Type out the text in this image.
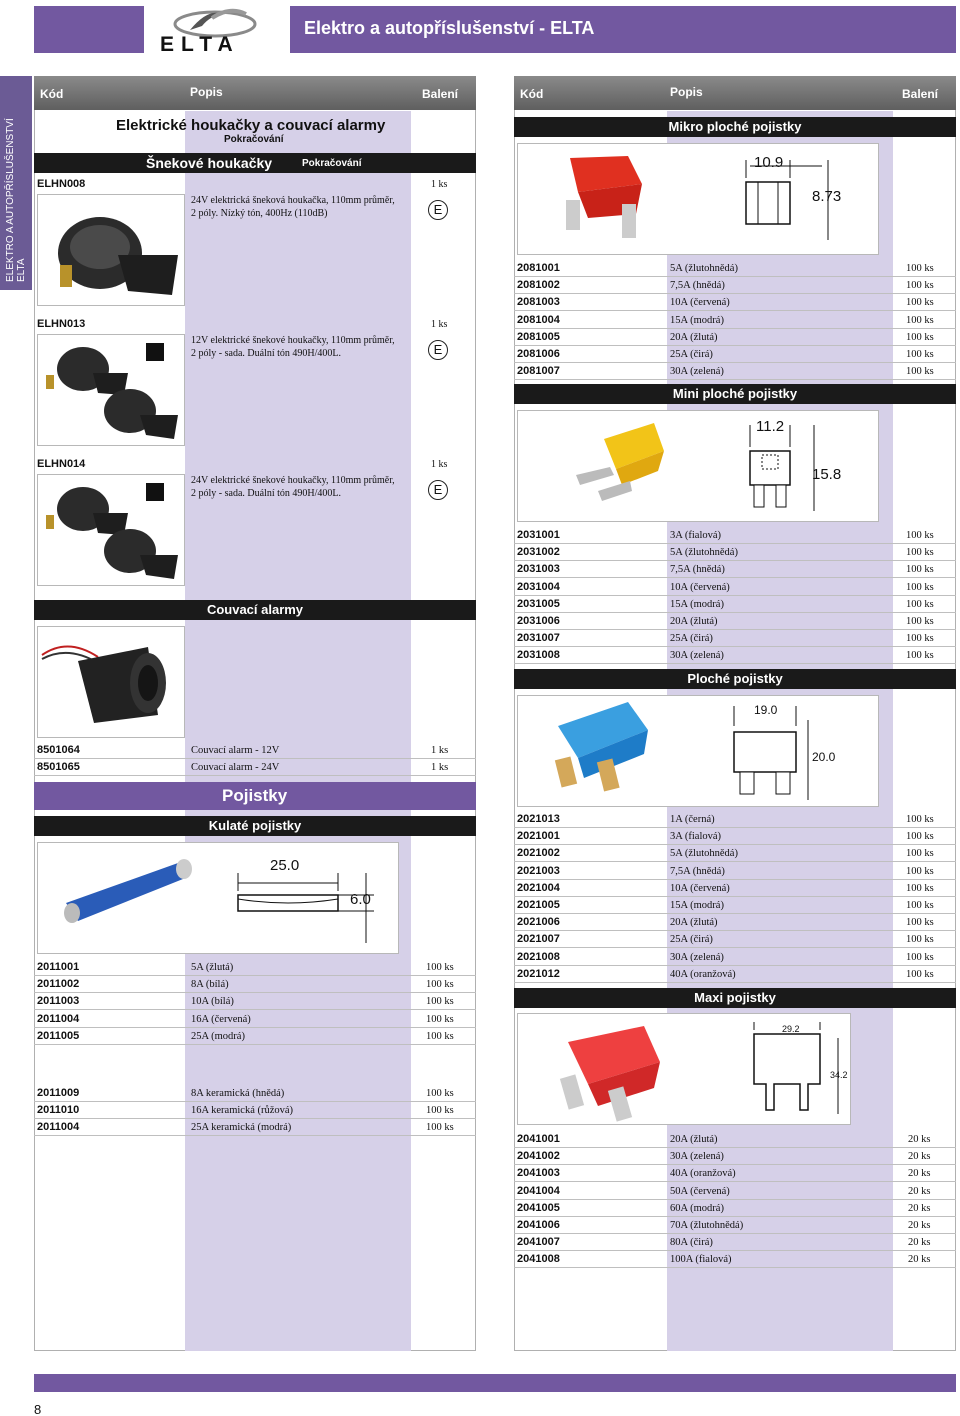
ELTA
Elektro a autopříslušenství - ELTA
ELEKTRO A AUTOPŘÍSLUŠENSTVÍ ELTA
Kód	Popis	Balení
Elektrické houkačky a couvací alarmy
Pokračování
Šnekové houkačky	Pokračování
ELHN008
24V elektrická šneková houkačka, 110mm průměr,
2 póly. Nízký tón, 400Hz (110dB)
1 ks
E
ELHN013
12V elektrické šnekové houkačky, 110mm průměr,
2 póly - sada. Duální tón 490H/400L.
1 ks
E
ELHN014
24V elektrické šnekové houkačky, 110mm průměr,
2 póly - sada. Duální tón 490H/400L.
1 ks
E
Couvací alarmy
8501064	Couvací alarm - 12V	1 ks
8501065	Couvací alarm - 24V	1 ks
Pojistky
Kulaté pojistky
25.0
6.0
2011001	5A (žlutá)	100 ks
2011002	8A (bílá)	100 ks
2011003	10A (bílá)	100 ks
2011004	16A (červená)	100 ks
2011005	25A (modrá)	100 ks
2011009	8A keramická (hnědá)	100 ks
2011010	16A keramická (růžová)	100 ks
2011004	25A keramická (modrá)	100 ks
Kód	Popis	Balení
Mikro ploché pojistky
10.9
8.73
2081001	5A (žlutohnědá)	100 ks
2081002	7,5A (hnědá)	100 ks
2081003	10A (červená)	100 ks
2081004	15A (modrá)	100 ks
2081005	20A (žlutá)	100 ks
2081006	25A (čirá)	100 ks
2081007	30A (zelená)	100 ks
Mini ploché pojistky
11.2
15.8
2031001	3A (fialová)	100 ks
2031002	5A (žlutohnědá)	100 ks
2031003	7,5A (hnědá)	100 ks
2031004	10A (červená)	100 ks
2031005	15A (modrá)	100 ks
2031006	20A (žlutá)	100 ks
2031007	25A (čirá)	100 ks
2031008	30A (zelená)	100 ks
Ploché pojistky
19.0
20.0
2021013	1A (černá)	100 ks
2021001	3A (fialová)	100 ks
2021002	5A (žlutohnědá)	100 ks
2021003	7,5A (hnědá)	100 ks
2021004	10A (červená)	100 ks
2021005	15A (modrá)	100 ks
2021006	20A (žlutá)	100 ks
2021007	25A (čirá)	100 ks
2021008	30A (zelená)	100 ks
2021012	40A (oranžová)	100 ks
Maxi pojistky
29.2
34.2
2041001	20A (žlutá)	20 ks
2041002	30A (zelená)	20 ks
2041003	40A (oranžová)	20 ks
2041004	50A (červená)	20 ks
2041005	60A (modrá)	20 ks
2041006	70A (žlutohnědá)	20 ks
2041007	80A (čirá)	20 ks
2041008	100A (fialová)	20 ks
8
